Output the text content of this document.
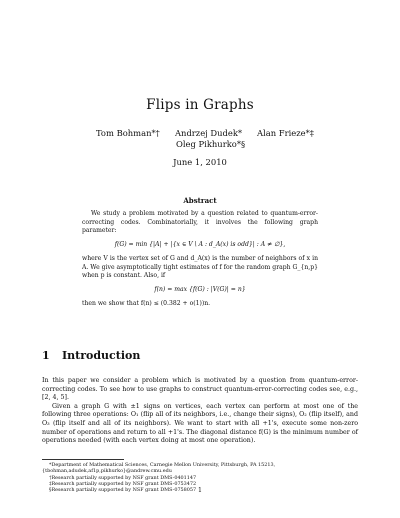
Flips in Graphs
Tom Bohman*† Andrzej Dudek* Alan Frieze*‡
Oleg Pikhurko*§
June 1, 2010
Abstract

We study a problem motivated by a question related to quantum-error-correcting codes. Combinatorially, it involves the following graph parameter:

f(G) = min {|A| + |{x ∈ V \ A : d_A(x) is odd}| : A ≠ ∅},

where V is the vertex set of G and d_A(x) is the number of neighbors of x in A. We give asymptotically tight estimates of f for the random graph G_{n,p} when p is constant. Also, if

f(n) = max {f(G) : |V(G)| = n}

then we show that f(n) ≤ (0.382 + o(1))n.

1 Introduction

In this paper we consider a problem which is motivated by a question from quantum-error-correcting codes. To see how to use graphs to construct quantum-error-correcting codes see, e.g., [2, 4, 5].

Given a graph G with ±1 signs on vertices, each vertex can perform at most one of the following three operations: O₁ (flip all of its neighbors, i.e., change their signs), O₂ (flip itself), and O₃ (flip itself and all of its neighbors). We want to start with all +1's, execute some non-zero number of operations and return to all +1's. The diagonal distance f(G) is the minimum number of operations needed (with each vertex doing at most one operation).

*Department of Mathematical Sciences, Carnegie Mellon University, Pittsburgh, PA 15213, {tbohman,adudek,af1p,pikhurko}@andrew.cmu.edu
†Research partially supported by NSF grant DMS-0401147
‡Research partially supported by NSF grant DMS-0753472
§Research partially supported by NSF grant DMS-0758057 1
